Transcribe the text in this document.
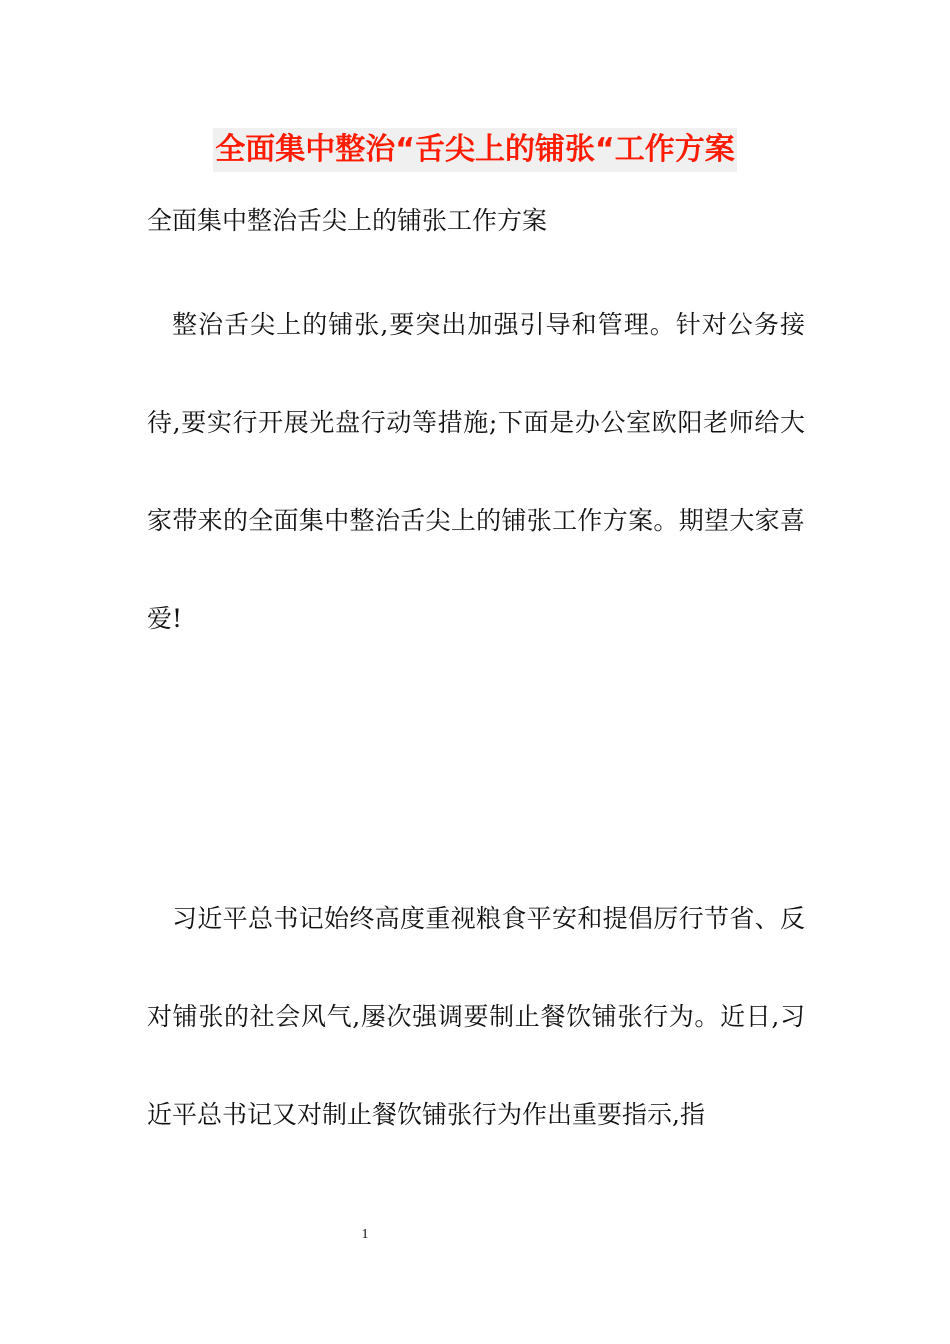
全面集中整治“舌尖上的铺张“工作方案
全面集中整治舌尖上的铺张工作方案

整治舌尖上的铺张,要突出加强引导和管理。针对公务接待,要实行开展光盘行动等措施;下面是办公室欧阳老师给大家带来的全面集中整治舌尖上的铺张工作方案。期望大家喜爱!

习近平总书记始终高度重视粮食平安和提倡厉行节省、反对铺张的社会风气,屡次强调要制止餐饮铺张行为。近日,习近平总书记又对制止餐饮铺张行为作出重要指示,指

1
